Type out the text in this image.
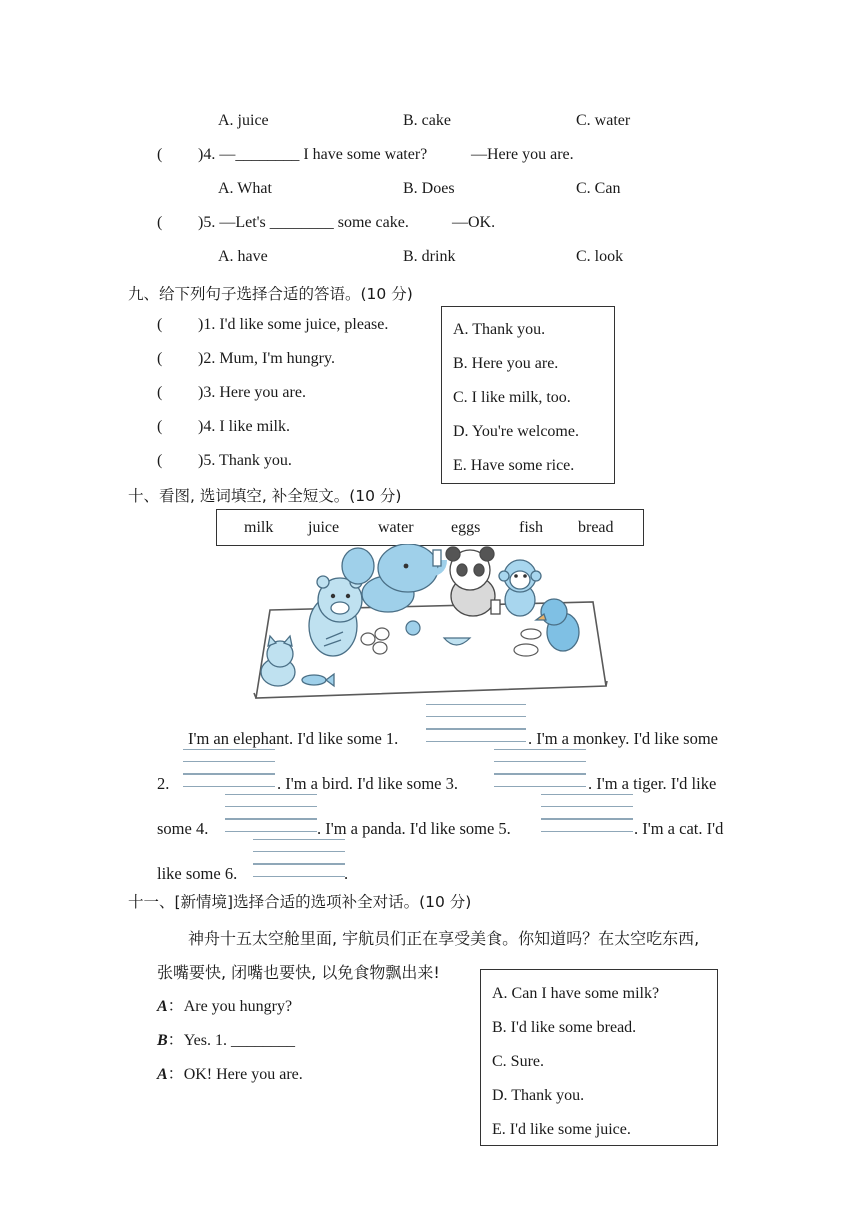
A. juice	B. cake	C. water
( )4. —________ I have some water?	—Here you are.
A. What	B. Does	C. Can
( )5. —Let's ________ some cake.	—OK.
A. have	B. drink	C. look
九、给下列句子选择合适的答语。(10 分)
( )1. I'd like some juice, please.
( )2. Mum, I'm hungry.
( )3. Here you are.
( )4. I like milk.
( )5. Thank you.
A. Thank you.
B. Here you are.
C. I like milk, too.
D. You're welcome.
E. Have some rice.
十、看图, 选词填空, 补全短文。(10 分)
milk juice water eggs fish bread
I'm an elephant. I'd like some 1.	. I'm a monkey. I'd like some
2.	. I'm a bird. I'd like some 3.	. I'm a tiger. I'd like
some 4.	. I'm a panda. I'd like some 5.	. I'm a cat. I'd
like some 6.	.
十一、[新情境]选择合适的选项补全对话。(10 分)
神舟十五太空舱里面, 宇航员们正在享受美食。你知道吗？在太空吃东西,
张嘴要快, 闭嘴也要快, 以免食物飘出来!
A：Are you hungry?
B：Yes. 1. ________
A：OK! Here you are.
A. Can I have some milk?
B. I'd like some bread.
C. Sure.
D. Thank you.
E. I'd like some juice.
